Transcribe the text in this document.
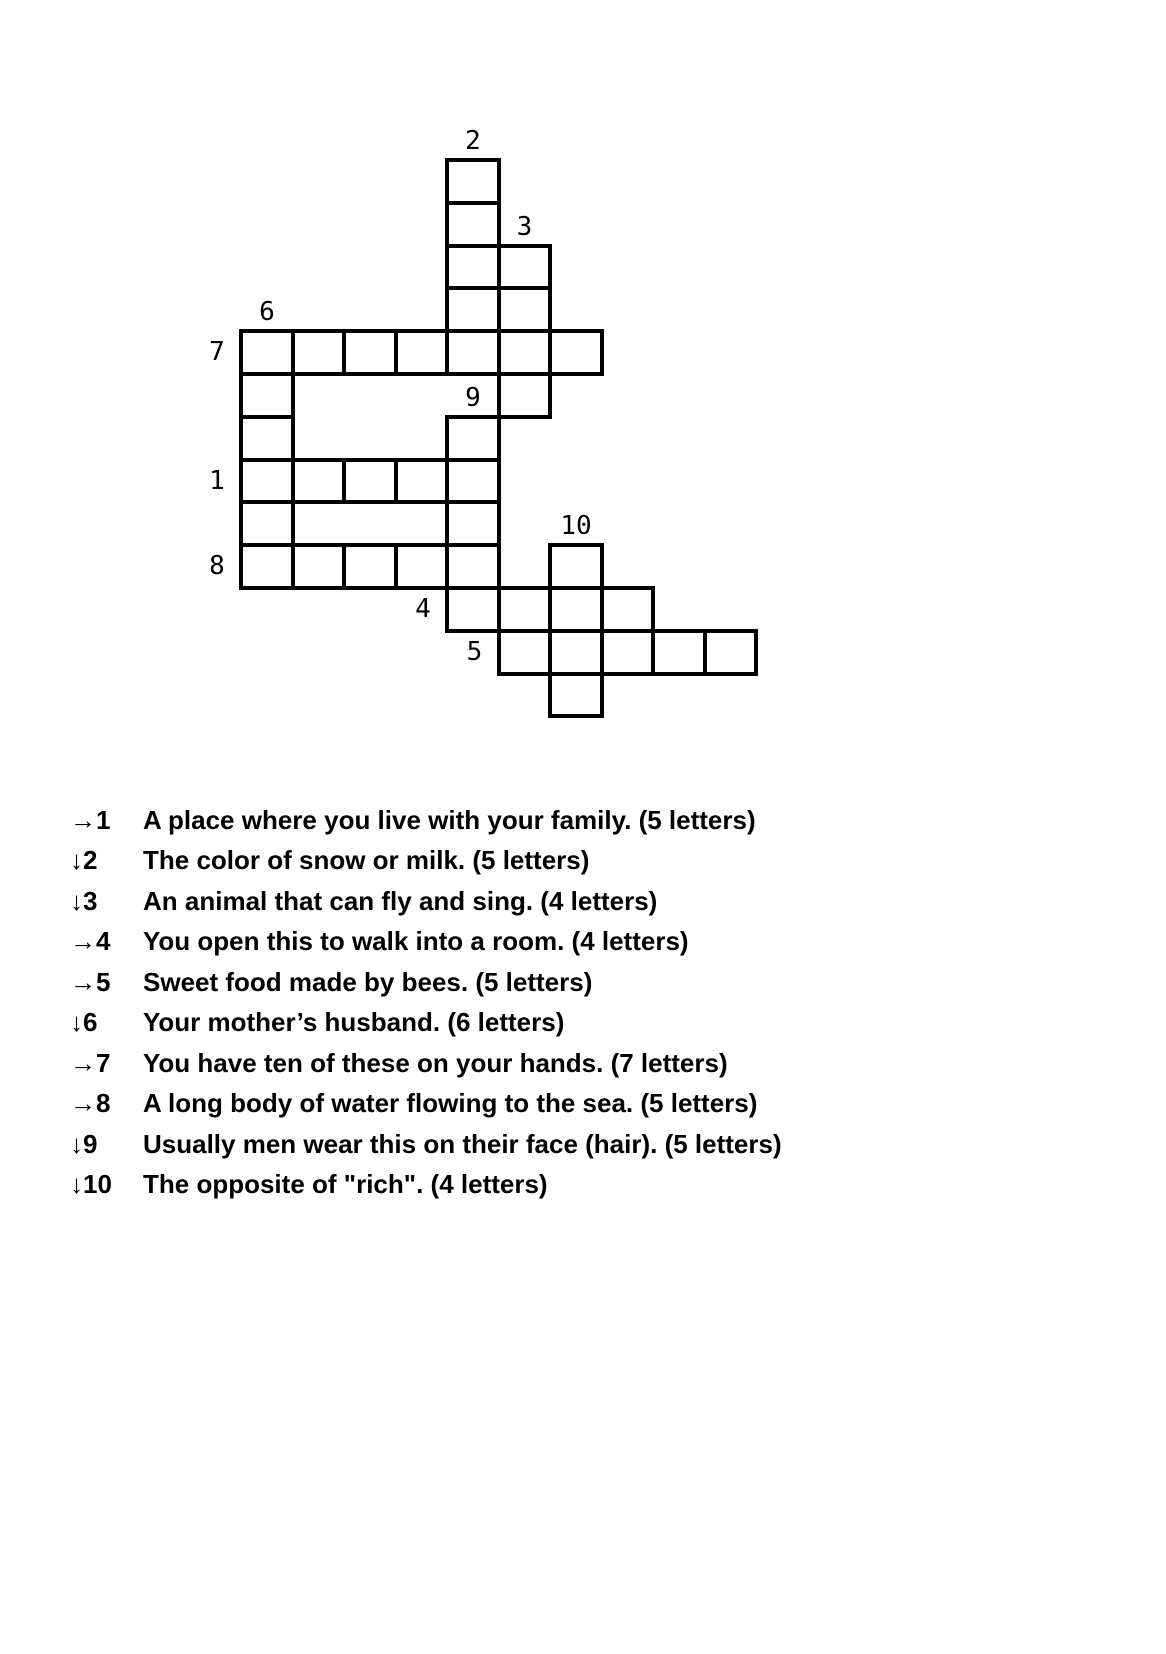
2
3
6
7
9
1
10
8
4
5
→1	A place where you live with your family. (5 letters)
↓2	The color of snow or milk. (5 letters)
↓3	An animal that can fly and sing. (4 letters)
→4	You open this to walk into a room. (4 letters)
→5	Sweet food made by bees. (5 letters)
↓6	Your mother’s husband. (6 letters)
→7	You have ten of these on your hands. (7 letters)
→8	A long body of water flowing to the sea. (5 letters)
↓9	Usually men wear this on their face (hair). (5 letters)
↓10	The opposite of "rich". (4 letters)
